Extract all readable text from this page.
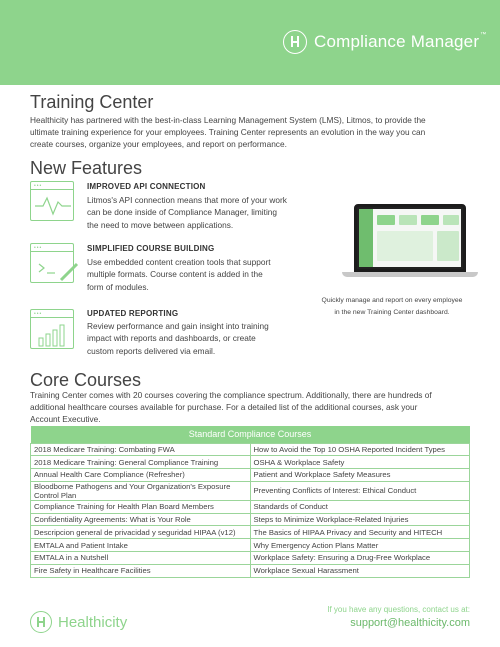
Compliance Manager™
Training Center
Healthicity has partnered with the best-in-class Learning Management System (LMS), Litmos, to provide the
ultimate training experience for your employees. Training Center represents an evolution in the way you can
create courses, organize your employees, and report on performance.
New Features
•••	IMPROVED API CONNECTION
Litmos's API connection means that more of your work
can be done inside of Compliance Manager, limiting
the need to move between applications.
•••	SIMPLIFIED COURSE BUILDING
Use embedded content creation tools that support
multiple formats. Course content is added in the
form of modules.
•••	UPDATED REPORTING
Review performance and gain insight into training
impact with reports and dashboards, or create
custom reports delivered via email.
Quickly manage and report on every employee
in the new Training Center dashboard.
Core Courses
Training Center comes with 20 courses covering the compliance spectrum. Additionally, there are hundreds of
additional healthcare courses available for purchase. For a detailed list of the additional courses, ask your
Account Executive.
Standard Compliance Courses	
2018 Medicare Training: Combating FWA	How to Avoid the Top 10 OSHA Reported Incident Types
2018 Medicare Training: General Compliance Training	OSHA & Workplace Safety
Annual Health Care Compliance (Refresher)	Patient and Workplace Safety Measures
Bloodborne Pathogens and Your Organization's Exposure Control Plan	Preventing Conflicts of Interest: Ethical Conduct
Compliance Training for Health Plan Board Members	Standards of Conduct
Confidentiality Agreements: What is Your Role	Steps to Minimize Workplace-Related Injuries
Descripcion general de privacidad y seguridad HIPAA (v12)	The Basics of HIPAA Privacy and Security and HITECH
EMTALA and Patient Intake	Why Emergency Action Plans Matter
EMTALA in a Nutshell	Workplace Safety: Ensuring a Drug-Free Workplace
Fire Safety in Healthcare Facilities	Workplace Sexual Harassment
Healthicity
If you have any questions, contact us at:
support@healthicity.com
